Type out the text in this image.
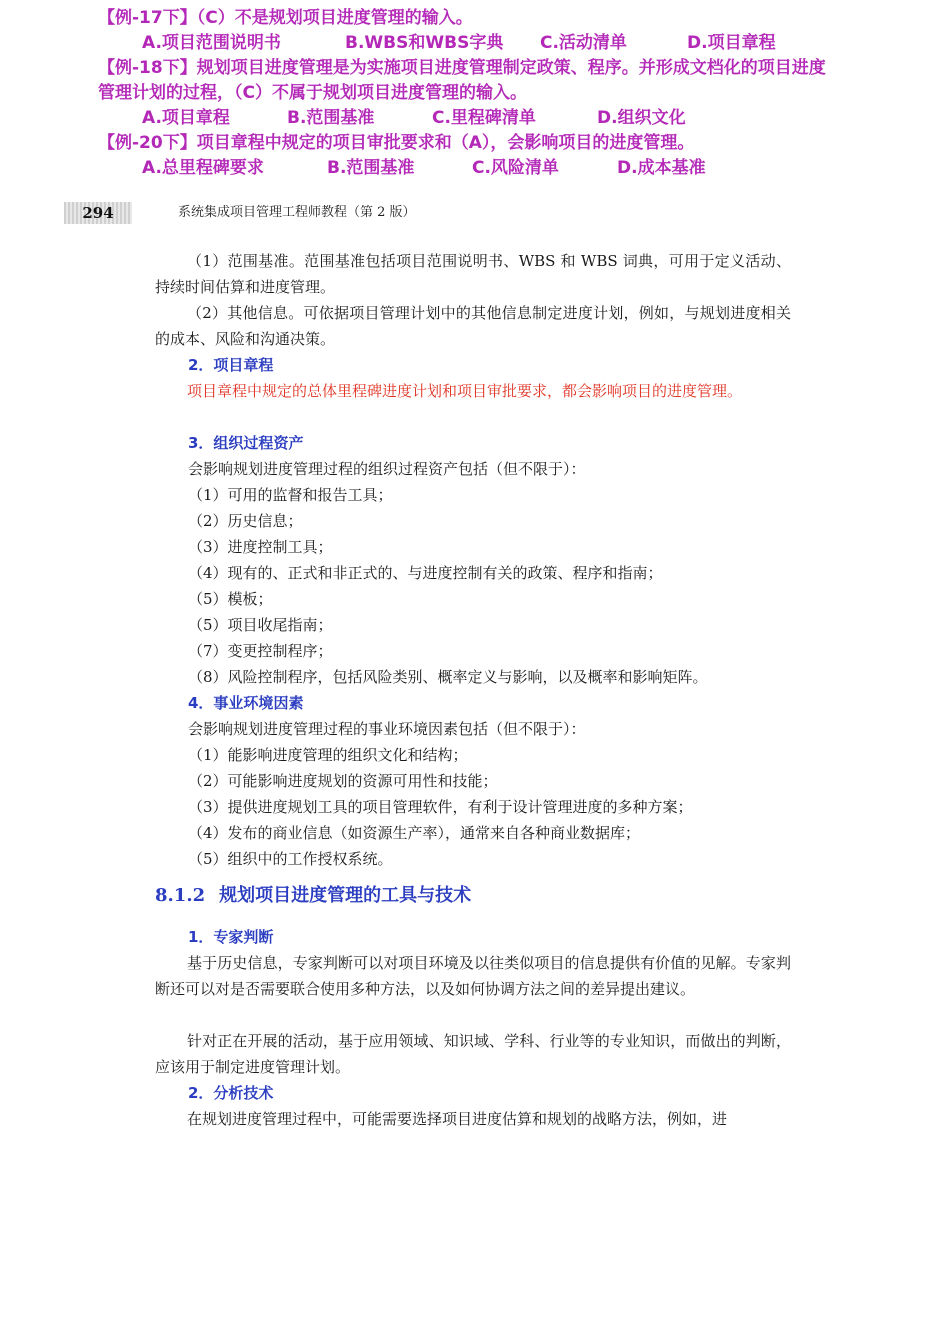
【例-17下】（C）不是规划项目进度管理的输入。
A.项目范围说明书	B.WBS和WBS字典 C.活动清单	D.项目章程
【例-18下】规划项目进度管理是为实施项目进度管理制定政策、程序。并形成文档化的项目进度管理计划的过程，（C）不属于规划项目进度管理的输入。
A.项目章程	B.范围基准	C.里程碑清单	D.组织文化
【例-20下】项目章程中规定的项目审批要求和（A），会影响项目的进度管理。
A.总里程碑要求	B.范围基准	C.风险清单	D.成本基准
294	系统集成项目管理工程师教程（第 2 版）
（1）范围基准。范围基准包括项目范围说明书、WBS 和 WBS 词典，可用于定义活动、持续时间估算和进度管理。
（2）其他信息。可依据项目管理计划中的其他信息制定进度计划，例如，与规划进度相关的成本、风险和沟通决策。
2．项目章程
项目章程中规定的总体里程碑进度计划和项目审批要求，都会影响项目的进度管理。
3．组织过程资产
会影响规划进度管理过程的组织过程资产包括（但不限于）：
（1）可用的监督和报告工具；
（2）历史信息；
（3）进度控制工具；
（4）现有的、正式和非正式的、与进度控制有关的政策、程序和指南；
（5）模板；
（5）项目收尾指南；
（7）变更控制程序；
（8）风险控制程序，包括风险类别、概率定义与影响，以及概率和影响矩阵。
4．事业环境因素
会影响规划进度管理过程的事业环境因素包括（但不限于）：
（1）能影响进度管理的组织文化和结构；
（2）可能影响进度规划的资源可用性和技能；
（3）提供进度规划工具的项目管理软件，有利于设计管理进度的多种方案；
（4）发布的商业信息（如资源生产率），通常来自各种商业数据库；
（5）组织中的工作授权系统。
8.1.2 规划项目进度管理的工具与技术
1．专家判断
基于历史信息，专家判断可以对项目环境及以往类似项目的信息提供有价值的见解。专家判断还可以对是否需要联合使用多种方法，以及如何协调方法之间的差异提出建议。
针对正在开展的活动，基于应用领域、知识域、学科、行业等的专业知识，而做出的判断，应该用于制定进度管理计划。
2．分析技术
在规划进度管理过程中，可能需要选择项目进度估算和规划的战略方法，例如，进
